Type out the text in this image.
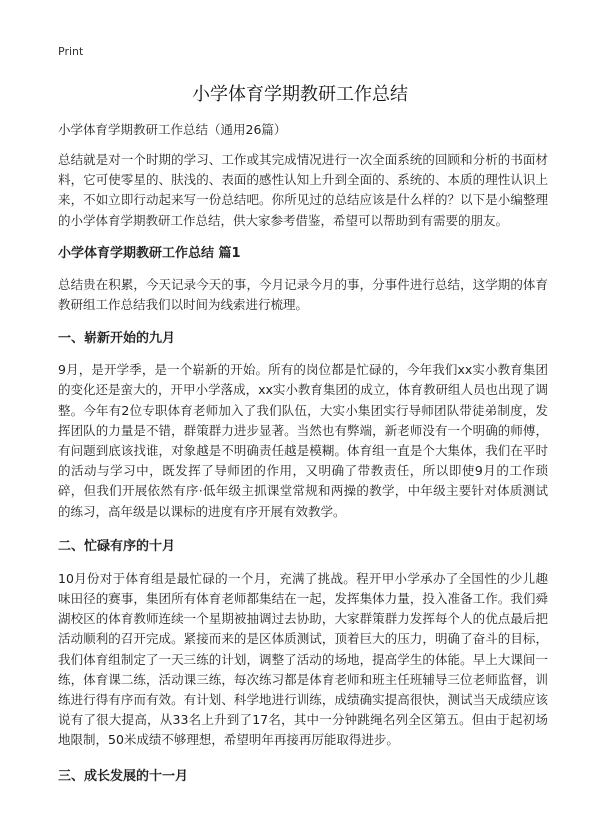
Print
小学体育学期教研工作总结

小学体育学期教研工作总结（通用26篇）

总结就是对一个时期的学习、工作或其完成情况进行一次全面系统的回顾和分析的书面材料，它可使零星的、肤浅的、表面的感性认知上升到全面的、系统的、本质的理性认识上来，不如立即行动起来写一份总结吧。你所见过的总结应该是什么样的？以下是小编整理的小学体育学期教研工作总结，供大家参考借鉴，希望可以帮助到有需要的朋友。

小学体育学期教研工作总结 篇1

总结贵在积累，今天记录今天的事，今月记录今月的事，分事件进行总结，这学期的体育教研组工作总结我们以时间为线索进行梳理。

一、崭新开始的九月

9月，是开学季，是一个崭新的开始。所有的岗位都是忙碌的，今年我们xx实小教育集团的变化还是蛮大的，开甲小学落成，xx实小教育集团的成立，体育教研组人员也出现了调整。今年有2位专职体育老师加入了我们队伍，大实小集团实行导师团队带徒弟制度，发挥团队的力量是不错，群策群力进步显著。当然也有弊端，新老师没有一个明确的师傅，有问题到底该找谁，对象越是不明确责任越是模糊。体育组一直是个大集体，我们在平时的活动与学习中，既发挥了导师团的作用，又明确了带教责任，所以即使9月的工作琐碎，但我们开展依然有序·低年级主抓课堂常规和两操的教学，中年级主要针对体质测试的练习，高年级是以课标的进度有序开展有效教学。

二、忙碌有序的十月

10月份对于体育组是最忙碌的一个月，充满了挑战。程开甲小学承办了全国性的少儿趣味田径的赛事，集团所有体育老师都集结在一起，发挥集体力量，投入准备工作。我们舜湖校区的体育教师连续一个星期被抽调过去协助，大家群策群力发挥每个人的优点最后把活动顺利的召开完成。紧接而来的是区体质测试，顶着巨大的压力，明确了奋斗的目标，我们体育组制定了一天三练的计划，调整了活动的场地，提高学生的体能。早上大课间一练，体育课二练，活动课三练，每次练习都是体育老师和班主任班辅导三位老师监督，训练进行得有序而有效。有计划、科学地进行训练，成绩确实提高很快，测试当天成绩应该说有了很大提高，从33名上升到了17名，其中一分钟跳绳名列全区第五。但由于起初场地限制，50米成绩不够理想，希望明年再接再厉能取得进步。

三、成长发展的十一月
